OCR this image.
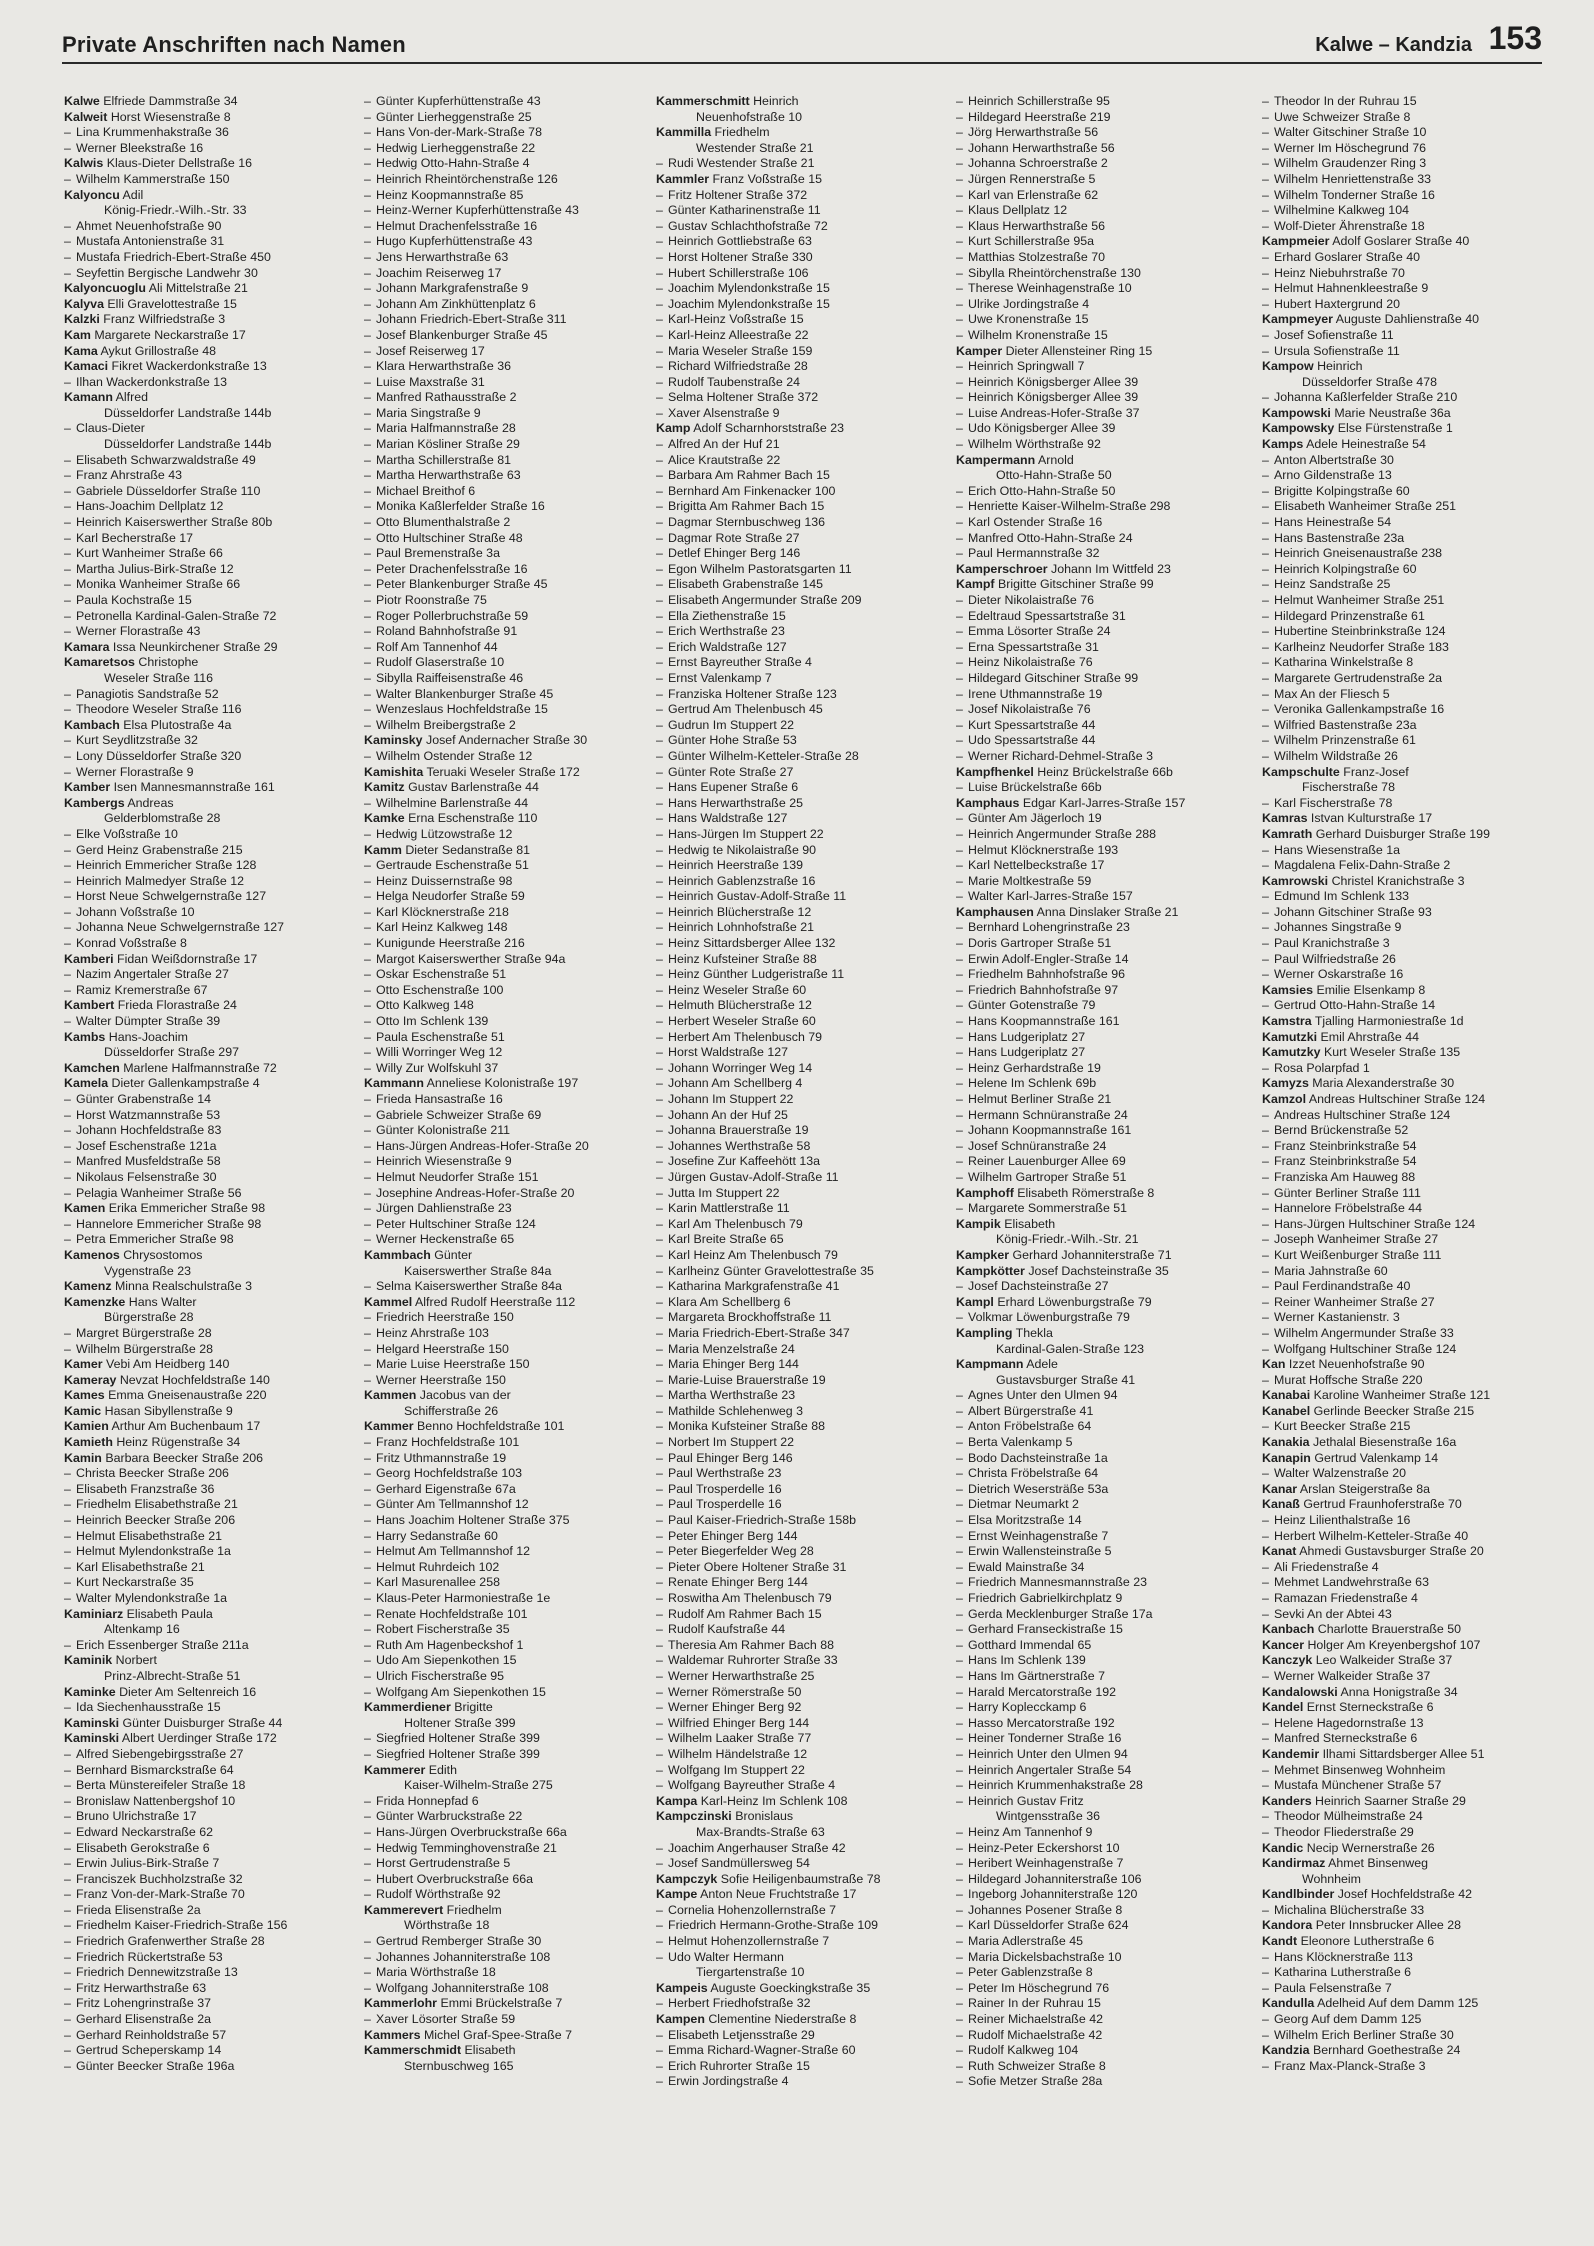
Private Anschriften nach Namen	Kalwe – Kandzia 153
Kalwe Elfriede Dammstraße 34
Kalweit Horst Wiesenstraße 8
– Lina Krummenhakstraße 36
– Werner Bleekstraße 16
Kalwis Klaus-Dieter Dellstraße 16
– Wilhelm Kammerstraße 150
Kalyoncu Adil
König-Friedr.-Wilh.-Str. 33
– Ahmet Neuenhofstraße 90
– Mustafa Antonienstraße 31
– Mustafa Friedrich-Ebert-Straße 450
– Seyfettin Bergische Landwehr 30
Kalyoncuoglu Ali Mittelstraße 21
Kalyva Elli Gravelottestraße 15
Kalzki Franz Wilfriedstraße 3
Kam Margarete Neckarstraße 17
Kama Aykut Grillostraße 48
Kamaci Fikret Wackerdonkstraße 13
– Ilhan Wackerdonkstraße 13
Kamann Alfred
Düsseldorfer Landstraße 144b
– Claus-Dieter
Düsseldorfer Landstraße 144b
– Elisabeth Schwarzwaldstraße 49
– Franz Ahrstraße 43
– Gabriele Düsseldorfer Straße 110
– Hans-Joachim Dellplatz 12
– Heinrich Kaiserswerther Straße 80b
– Karl Becherstraße 17
– Kurt Wanheimer Straße 66
– Martha Julius-Birk-Straße 12
– Monika Wanheimer Straße 66
– Paula Kochstraße 15
– Petronella Kardinal-Galen-Straße 72
– Werner Florastraße 43
Kamara Issa Neunkirchener Straße 29
Kamaretsos Christophe
Weseler Straße 116
– Panagiotis Sandstraße 52
– Theodore Weseler Straße 116
Kambach Elsa Plutostraße 4a
– Kurt Seydlitzstraße 32
– Lony Düsseldorfer Straße 320
– Werner Florastraße 9
Kamber Isen Mannesmannstraße 161
Kambergs Andreas
Gelderblomstraße 28
– Elke Voßstraße 10
– Gerd Heinz Grabenstraße 215
– Heinrich Emmericher Straße 128
– Heinrich Malmedyer Straße 12
– Horst Neue Schwelgernstraße 127
– Johann Voßstraße 10
– Johanna Neue Schwelgernstraße 127
– Konrad Voßstraße 8
Kamberi Fidan Weißdornstraße 17
– Nazim Angertaler Straße 27
– Ramiz Kremerstraße 67
Kambert Frieda Florastraße 24
– Walter Dümpter Straße 39
Kambs Hans-Joachim
Düsseldorfer Straße 297
Kamchen Marlene Halfmannstraße 72
Kamela Dieter Gallenkampstraße 4
– Günter Grabenstraße 14
– Horst Watzmannstraße 53
– Johann Hochfeldstraße 83
– Josef Eschenstraße 121a
– Manfred Musfeldstraße 58
– Nikolaus Felsenstraße 30
– Pelagia Wanheimer Straße 56
Kamen Erika Emmericher Straße 98
– Hannelore Emmericher Straße 98
– Petra Emmericher Straße 98
Kamenos Chrysostomos
Vygenstraße 23
Kamenz Minna Realschulstraße 3
Kamenzke Hans Walter
Bürgerstraße 28
– Margret Bürgerstraße 28
– Wilhelm Bürgerstraße 28
Kamer Vebi Am Heidberg 140
Kameray Nevzat Hochfeldstraße 140
Kames Emma Gneisenaustraße 220
Kamic Hasan Sibyllenstraße 9
Kamien Arthur Am Buchenbaum 17
Kamieth Heinz Rügenstraße 34
Kamin Barbara Beecker Straße 206
– Christa Beecker Straße 206
– Elisabeth Franzstraße 36
– Friedhelm Elisabethstraße 21
– Heinrich Beecker Straße 206
– Helmut Elisabethstraße 21
– Helmut Mylendonkstraße 1a
– Karl Elisabethstraße 21
– Kurt Neckarstraße 35
– Walter Mylendonkstraße 1a
Kaminiarz Elisabeth Paula
Altenkamp 16
– Erich Essenberger Straße 211a
Kaminik Norbert
Prinz-Albrecht-Straße 51
Kaminke Dieter Am Seltenreich 16
– Ida Siechenhausstraße 15
Kaminski Günter Duisburger Straße 44
Kaminski Albert Uerdinger Straße 172
– Alfred Siebengebirgsstraße 27
– Bernhard Bismarckstraße 64
– Berta Münstereifeler Straße 18
– Bronislaw Nattenbergshof 10
– Bruno Ulrichstraße 17
– Edward Neckarstraße 62
– Elisabeth Gerokstraße 6
– Erwin Julius-Birk-Straße 7
– Franciszek Buchholzstraße 32
– Franz Von-der-Mark-Straße 70
– Frieda Elisenstraße 2a
– Friedhelm Kaiser-Friedrich-Straße 156
– Friedrich Grafenwerther Straße 28
– Friedrich Rückertstraße 53
– Friedrich Dennewitzstraße 13
– Fritz Herwarthstraße 63
– Fritz Lohengrinstraße 37
– Gerhard Elisenstraße 2a
– Gerhard Reinholdstraße 57
– Gertrud Scheperskamp 14
– Günter Beecker Straße 196a
– Günter Kupferhüttenstraße 43
– Günter Lierheggenstraße 25
– Hans Von-der-Mark-Straße 78
– Hedwig Lierheggenstraße 22
– Hedwig Otto-Hahn-Straße 4
– Heinrich Rheintörchenstraße 126
– Heinz Koopmannstraße 85
– Heinz-Werner Kupferhüttenstraße 43
– Helmut Drachenfelsstraße 16
– Hugo Kupferhüttenstraße 43
– Jens Herwarthstraße 63
– Joachim Reiserweg 17
– Johann Markgrafenstraße 9
– Johann Am Zinkhüttenplatz 6
– Johann Friedrich-Ebert-Straße 311
– Josef Blankenburger Straße 45
– Josef Reiserweg 17
– Klara Herwarthstraße 36
– Luise Maxstraße 31
– Manfred Rathausstraße 2
– Maria Singstraße 9
– Maria Halfmannstraße 28
– Marian Kösliner Straße 29
– Martha Schillerstraße 81
– Martha Herwarthstraße 63
– Michael Breithof 6
– Monika Kaßlerfelder Straße 16
– Otto Blumenthalstraße 2
– Otto Hultschiner Straße 48
– Paul Bremenstraße 3a
– Peter Drachenfelsstraße 16
– Peter Blankenburger Straße 45
– Piotr Roonstraße 75
– Roger Pollerbruchstraße 59
– Roland Bahnhofstraße 91
– Rolf Am Tannenhof 44
– Rudolf Glaserstraße 10
– Sibylla Raiffeisenstraße 46
– Walter Blankenburger Straße 45
– Wenzeslaus Hochfeldstraße 15
– Wilhelm Breibergstraße 2
Kaminsky Josef Andernacher Straße 30
– Wilhelm Ostender Straße 12
Kamishita Teruaki Weseler Straße 172
Kamitz Gustav Barlenstraße 44
– Wilhelmine Barlenstraße 44
Kamke Erna Eschenstraße 110
– Hedwig Lützowstraße 12
Kamm Dieter Sedanstraße 81
– Gertraude Eschenstraße 51
– Heinz Duissernstraße 98
– Helga Neudorfer Straße 59
– Karl Klöcknerstraße 218
– Karl Heinz Kalkweg 148
– Kunigunde Heerstraße 216
– Margot Kaiserswerther Straße 94a
– Oskar Eschenstraße 51
– Otto Eschenstraße 100
– Otto Kalkweg 148
– Otto Im Schlenk 139
– Paula Eschenstraße 51
– Willi Worringer Weg 12
– Willy Zur Wolfskuhl 37
Kammann Anneliese Kolonistraße 197
– Frieda Hansastraße 16
– Gabriele Schweizer Straße 69
– Günter Kolonistraße 211
– Hans-Jürgen Andreas-Hofer-Straße 20
– Heinrich Wiesenstraße 9
– Helmut Neudorfer Straße 151
– Josephine Andreas-Hofer-Straße 20
– Jürgen Dahlienstraße 23
– Peter Hultschiner Straße 124
– Werner Heckenstraße 65
Kammbach Günter
Kaiserswerther Straße 84a
– Selma Kaiserswerther Straße 84a
Kammel Alfred Rudolf Heerstraße 112
– Friedrich Heerstraße 150
– Heinz Ahrstraße 103
– Helgard Heerstraße 150
– Marie Luise Heerstraße 150
– Werner Heerstraße 150
Kammen Jacobus van der
Schifferstraße 26
Kammer Benno Hochfeldstraße 101
– Franz Hochfeldstraße 101
– Fritz Uthmannstraße 19
– Georg Hochfeldstraße 103
– Gerhard Eigenstraße 67a
– Günter Am Tellmannshof 12
– Hans Joachim Holtener Straße 375
– Harry Sedanstraße 60
– Helmut Am Tellmannshof 12
– Helmut Ruhrdeich 102
– Karl Masurenallee 258
– Klaus-Peter Harmoniestraße 1e
– Renate Hochfeldstraße 101
– Robert Fischerstraße 35
– Ruth Am Hagenbeckshof 1
– Udo Am Siepenkothen 15
– Ulrich Fischerstraße 95
– Wolfgang Am Siepenkothen 15
Kammerdiener Brigitte
Holtener Straße 399
– Siegfried Holtener Straße 399
– Siegfried Holtener Straße 399
Kammerer Edith
Kaiser-Wilhelm-Straße 275
– Frida Honnepfad 6
– Günter Warbruckstraße 22
– Hans-Jürgen Overbruckstraße 66a
– Hedwig Temminghovenstraße 21
– Horst Gertrudenstraße 5
– Hubert Overbruckstraße 66a
– Rudolf Wörthstraße 92
Kammerevert Friedhelm
Wörthstraße 18
– Gertrud Remberger Straße 30
– Johannes Johanniterstraße 108
– Maria Wörthstraße 18
– Wolfgang Johanniterstraße 108
Kammerlohr Emmi Brückelstraße 7
– Xaver Lösorter Straße 59
Kammers Michel Graf-Spee-Straße 7
Kammerschmidt Elisabeth
Sternbuschweg 165
Kammerschmitt Heinrich
Neuenhofstraße 10
Kammilla Friedhelm
Westender Straße 21
– Rudi Westender Straße 21
Kammler Franz Voßstraße 15
– Fritz Holtener Straße 372
– Günter Katharinenstraße 11
– Gustav Schlachthofstraße 72
– Heinrich Gottliebstraße 63
– Horst Holtener Straße 330
– Hubert Schillerstraße 106
– Joachim Mylendonkstraße 15
– Joachim Mylendonkstraße 15
– Karl-Heinz Voßstraße 15
– Karl-Heinz Alleestraße 22
– Maria Weseler Straße 159
– Richard Wilfriedstraße 28
– Rudolf Taubenstraße 24
– Selma Holtener Straße 372
– Xaver Alsenstraße 9
Kamp Adolf Scharnhorststraße 23
– Alfred An der Huf 21
– Alice Krautstraße 22
– Barbara Am Rahmer Bach 15
– Bernhard Am Finkenacker 100
– Brigitta Am Rahmer Bach 15
– Dagmar Sternbuschweg 136
– Dagmar Rote Straße 27
– Detlef Ehinger Berg 146
– Egon Wilhelm Pastoratsgarten 11
– Elisabeth Grabenstraße 145
– Elisabeth Angermunder Straße 209
– Ella Ziethenstraße 15
– Erich Werthstraße 23
– Erich Waldstraße 127
– Ernst Bayreuther Straße 4
– Ernst Valenkamp 7
– Franziska Holtener Straße 123
– Gertrud Am Thelenbusch 45
– Gudrun Im Stuppert 22
– Günter Hohe Straße 53
– Günter Wilhelm-Ketteler-Straße 28
– Günter Rote Straße 27
– Hans Eupener Straße 6
– Hans Herwarthstraße 25
– Hans Waldstraße 127
– Hans-Jürgen Im Stuppert 22
– Hedwig te Nikolaistraße 90
– Heinrich Heerstraße 139
– Heinrich Gablenzstraße 16
– Heinrich Gustav-Adolf-Straße 11
– Heinrich Blücherstraße 12
– Heinrich Lohnhofstraße 21
– Heinz Sittardsberger Allee 132
– Heinz Kufsteiner Straße 88
– Heinz Günther Ludgeristraße 11
– Heinz Weseler Straße 60
– Helmuth Blücherstraße 12
– Herbert Weseler Straße 60
– Herbert Am Thelenbusch 79
– Horst Waldstraße 127
– Johann Worringer Weg 14
– Johann Am Schellberg 4
– Johann Im Stuppert 22
– Johann An der Huf 25
– Johanna Brauerstraße 19
– Johannes Werthstraße 58
– Josefine Zur Kaffeehött 13a
– Jürgen Gustav-Adolf-Straße 11
– Jutta Im Stuppert 22
– Karin Mattlerstraße 11
– Karl Am Thelenbusch 79
– Karl Breite Straße 65
– Karl Heinz Am Thelenbusch 79
– Karlheinz Günter Gravelottestraße 35
– Katharina Markgrafenstraße 41
– Klara Am Schellberg 6
– Margareta Brockhoffstraße 11
– Maria Friedrich-Ebert-Straße 347
– Maria Menzelstraße 24
– Maria Ehinger Berg 144
– Marie-Luise Brauerstraße 19
– Martha Werthstraße 23
– Mathilde Schlehenweg 3
– Monika Kufsteiner Straße 88
– Norbert Im Stuppert 22
– Paul Ehinger Berg 146
– Paul Werthstraße 23
– Paul Trosperdelle 16
– Paul Trosperdelle 16
– Paul Kaiser-Friedrich-Straße 158b
– Peter Ehinger Berg 144
– Peter Biegerfelder Weg 28
– Pieter Obere Holtener Straße 31
– Renate Ehinger Berg 144
– Roswitha Am Thelenbusch 79
– Rudolf Am Rahmer Bach 15
– Rudolf Kaufstraße 44
– Theresia Am Rahmer Bach 88
– Waldemar Ruhrorter Straße 33
– Werner Herwarthstraße 25
– Werner Römerstraße 50
– Werner Ehinger Berg 92
– Wilfried Ehinger Berg 144
– Wilhelm Laaker Straße 77
– Wilhelm Händelstraße 12
– Wolfgang Im Stuppert 22
– Wolfgang Bayreuther Straße 4
Kampa Karl-Heinz Im Schlenk 108
Kampczinski Bronislaus
Max-Brandts-Straße 63
– Joachim Angerhauser Straße 42
– Josef Sandmüllersweg 54
Kampczyk Sofie Heiligenbaumstraße 78
Kampe Anton Neue Fruchtstraße 17
– Cornelia Hohenzollernstraße 7
– Friedrich Hermann-Grothe-Straße 109
– Helmut Hohenzollernstraße 7
– Udo Walter Hermann
Tiergartenstraße 10
Kampeis Auguste Goeckingkstraße 35
– Herbert Friedhofstraße 32
Kampen Clementine Niederstraße 8
– Elisabeth Letjensstraße 29
– Emma Richard-Wagner-Straße 60
– Erich Ruhrorter Straße 15
– Erwin Jordingstraße 4
– Heinrich Schillerstraße 95
– Hildegard Heerstraße 219
– Jörg Herwarthstraße 56
– Johann Herwarthstraße 56
– Johanna Schroerstraße 2
– Jürgen Rennerstraße 5
– Karl van Erlenstraße 62
– Klaus Dellplatz 12
– Klaus Herwarthstraße 56
– Kurt Schillerstraße 95a
– Matthias Stolzestraße 70
– Sibylla Rheintörchenstraße 130
– Therese Weinhagenstraße 10
– Ulrike Jordingstraße 4
– Uwe Kronenstraße 15
– Wilhelm Kronenstraße 15
Kamper Dieter Allensteiner Ring 15
– Heinrich Springwall 7
– Heinrich Königsberger Allee 39
– Heinrich Königsberger Allee 39
– Luise Andreas-Hofer-Straße 37
– Udo Königsberger Allee 39
– Wilhelm Wörthstraße 92
Kampermann Arnold
Otto-Hahn-Straße 50
– Erich Otto-Hahn-Straße 50
– Henriette Kaiser-Wilhelm-Straße 298
– Karl Ostender Straße 16
– Manfred Otto-Hahn-Straße 24
– Paul Hermannstraße 32
Kamperschroer Johann Im Wittfeld 23
Kampf Brigitte Gitschiner Straße 99
– Dieter Nikolaistraße 76
– Edeltraud Spessartstraße 31
– Emma Lösorter Straße 24
– Erna Spessartstraße 31
– Heinz Nikolaistraße 76
– Hildegard Gitschiner Straße 99
– Irene Uthmannstraße 19
– Josef Nikolaistraße 76
– Kurt Spessartstraße 44
– Udo Spessartstraße 44
– Werner Richard-Dehmel-Straße 3
Kampfhenkel Heinz Brückelstraße 66b
– Luise Brückelstraße 66b
Kamphaus Edgar Karl-Jarres-Straße 157
– Günter Am Jägerloch 19
– Heinrich Angermunder Straße 288
– Helmut Klöcknerstraße 193
– Karl Nettelbeckstraße 17
– Marie Moltkestraße 59
– Walter Karl-Jarres-Straße 157
Kamphausen Anna Dinslaker Straße 21
– Bernhard Lohengrinstraße 23
– Doris Gartroper Straße 51
– Erwin Adolf-Engler-Straße 14
– Friedhelm Bahnhofstraße 96
– Friedrich Bahnhofstraße 97
– Günter Gotenstraße 79
– Hans Koopmannstraße 161
– Hans Ludgeriplatz 27
– Hans Ludgeriplatz 27
– Heinz Gerhardstraße 19
– Helene Im Schlenk 69b
– Helmut Berliner Straße 21
– Hermann Schnüranstraße 24
– Johann Koopmannstraße 161
– Josef Schnüranstraße 24
– Reiner Lauenburger Allee 69
– Wilhelm Gartroper Straße 51
Kamphoff Elisabeth Römerstraße 8
– Margarete Sommerstraße 51
Kampik Elisabeth
König-Friedr.-Wilh.-Str. 21
Kampker Gerhard Johanniterstraße 71
Kampkötter Josef Dachsteinstraße 35
– Josef Dachsteinstraße 27
Kampl Erhard Löwenburgstraße 79
– Volkmar Löwenburgstraße 79
Kampling Thekla
Kardinal-Galen-Straße 123
Kampmann Adele
Gustavsburger Straße 41
– Agnes Unter den Ulmen 94
– Albert Bürgerstraße 41
– Anton Fröbelstraße 64
– Berta Valenkamp 5
– Bodo Dachsteinstraße 1a
– Christa Fröbelstraße 64
– Dietrich Wesersträße 53a
– Dietmar Neumarkt 2
– Elsa Moritzstraße 14
– Ernst Weinhagenstraße 7
– Erwin Wallensteinstraße 5
– Ewald Mainstraße 34
– Friedrich Mannesmannstraße 23
– Friedrich Gabrielkirchplatz 9
– Gerda Mecklenburger Straße 17a
– Gerhard Franseckistraße 15
– Gotthard Immendal 65
– Hans Im Schlenk 139
– Hans Im Gärtnerstraße 7
– Harald Mercatorstraße 192
– Harry Koplecckamp 6
– Hasso Mercatorstraße 192
– Heiner Tonderner Straße 16
– Heinrich Unter den Ulmen 94
– Heinrich Angertaler Straße 54
– Heinrich Krummenhakstraße 28
– Heinrich Gustav Fritz
Wintgensstraße 36
– Heinz Am Tannenhof 9
– Heinz-Peter Eckershorst 10
– Heribert Weinhagenstraße 7
– Hildegard Johanniterstraße 106
– Ingeborg Johanniterstraße 120
– Johannes Posener Straße 8
– Karl Düsseldorfer Straße 624
– Maria Adlerstraße 45
– Maria Dickelsbachstraße 10
– Peter Gablenzstraße 8
– Peter Im Höschegrund 76
– Rainer In der Ruhrau 15
– Reiner Michaelstraße 42
– Rudolf Michaelstraße 42
– Rudolf Kalkweg 104
– Ruth Schweizer Straße 8
– Sofie Metzer Straße 28a
– Theodor In der Ruhrau 15
– Uwe Schweizer Straße 8
– Walter Gitschiner Straße 10
– Werner Im Höschegrund 76
– Wilhelm Graudenzer Ring 3
– Wilhelm Henriettenstraße 33
– Wilhelm Tonderner Straße 16
– Wilhelmine Kalkweg 104
– Wolf-Dieter Ährenstraße 18
Kampmeier Adolf Goslarer Straße 40
– Erhard Goslarer Straße 40
– Heinz Niebuhrstraße 70
– Helmut Hahnenkleestraße 9
– Hubert Haxtergrund 20
Kampmeyer Auguste Dahlienstraße 40
– Josef Sofienstraße 11
– Ursula Sofienstraße 11
Kampow Heinrich
Düsseldorfer Straße 478
– Johanna Kaßlerfelder Straße 210
Kampowski Marie Neustraße 36a
Kampowsky Else Fürstenstraße 1
Kamps Adele Heinestraße 54
– Anton Albertstraße 30
– Arno Gildenstraße 13
– Brigitte Kolpingstraße 60
– Elisabeth Wanheimer Straße 251
– Hans Heinestraße 54
– Hans Bastenstraße 23a
– Heinrich Gneisenaustraße 238
– Heinrich Kolpingstraße 60
– Heinz Sandstraße 25
– Helmut Wanheimer Straße 251
– Hildegard Prinzenstraße 61
– Hubertine Steinbrinkstraße 124
– Karlheinz Neudorfer Straße 183
– Katharina Winkelstraße 8
– Margarete Gertrudenstraße 2a
– Max An der Fliesch 5
– Veronika Gallenkampstraße 16
– Wilfried Bastenstraße 23a
– Wilhelm Prinzenstraße 61
– Wilhelm Wildstraße 26
Kampschulte Franz-Josef
Fischerstraße 78
– Karl Fischerstraße 78
Kamras Istvan Kulturstraße 17
Kamrath Gerhard Duisburger Straße 199
– Hans Wiesenstraße 1a
– Magdalena Felix-Dahn-Straße 2
Kamrowski Christel Kranichstraße 3
– Edmund Im Schlenk 133
– Johann Gitschiner Straße 93
– Johannes Singstraße 9
– Paul Kranichstraße 3
– Paul Wilfriedstraße 26
– Werner Oskarstraße 16
Kamsies Emilie Elsenkamp 8
– Gertrud Otto-Hahn-Straße 14
Kamstra Tjalling Harmoniestraße 1d
Kamutzki Emil Ahrstraße 44
Kamutzky Kurt Weseler Straße 135
– Rosa Polarpfad 1
Kamyzs Maria Alexanderstraße 30
Kamzol Andreas Hultschiner Straße 124
– Andreas Hultschiner Straße 124
– Bernd Brückenstraße 52
– Franz Steinbrinkstraße 54
– Franz Steinbrinkstraße 54
– Franziska Am Hauweg 88
– Günter Berliner Straße 111
– Hannelore Fröbelstraße 44
– Hans-Jürgen Hultschiner Straße 124
– Joseph Wanheimer Straße 27
– Kurt Weißenburger Straße 111
– Maria Jahnstraße 60
– Paul Ferdinandstraße 40
– Reiner Wanheimer Straße 27
– Werner Kastanienstr. 3
– Wilhelm Angermunder Straße 33
– Wolfgang Hultschiner Straße 124
Kan Izzet Neuenhofstraße 90
– Murat Hoffsche Straße 220
Kanabai Karoline Wanheimer Straße 121
Kanabel Gerlinde Beecker Straße 215
– Kurt Beecker Straße 215
Kanakia Jethalal Biesenstraße 16a
Kanapin Gertrud Valenkamp 14
– Walter Walzenstraße 20
Kanar Arslan Steigerstraße 8a
Kanaß Gertrud Fraunhoferstraße 70
– Heinz Lilienthalstraße 16
– Herbert Wilhelm-Ketteler-Straße 40
Kanat Ahmedi Gustavsburger Straße 20
– Ali Friedenstraße 4
– Mehmet Landwehrstraße 63
– Ramazan Friedenstraße 4
– Sevki An der Abtei 43
Kanbach Charlotte Brauerstraße 50
Kancer Holger Am Kreyenbergshof 107
Kanczyk Leo Walkeider Straße 37
– Werner Walkeider Straße 37
Kandalowski Anna Honigstraße 34
Kandel Ernst Sterneckstraße 6
– Helene Hagedornstraße 13
– Manfred Sterneckstraße 6
Kandemir Ilhami Sittardsberger Allee 51
– Mehmet Binsenweg Wohnheim
– Mustafa Münchener Straße 57
Kanders Heinrich Saarner Straße 29
– Theodor Mülheimstraße 24
– Theodor Fliederstraße 29
Kandic Necip Wernerstraße 26
Kandirmaz Ahmet Binsenweg
Wohnheim
Kandlbinder Josef Hochfeldstraße 42
– Michalina Blücherstraße 33
Kandora Peter Innsbrucker Allee 28
Kandt Eleonore Lutherstraße 6
– Hans Klöcknerstraße 113
– Katharina Lutherstraße 6
– Paula Felsenstraße 7
Kandulla Adelheid Auf dem Damm 125
– Georg Auf dem Damm 125
– Wilhelm Erich Berliner Straße 30
Kandzia Bernhard Goethestraße 24
– Franz Max-Planck-Straße 3
